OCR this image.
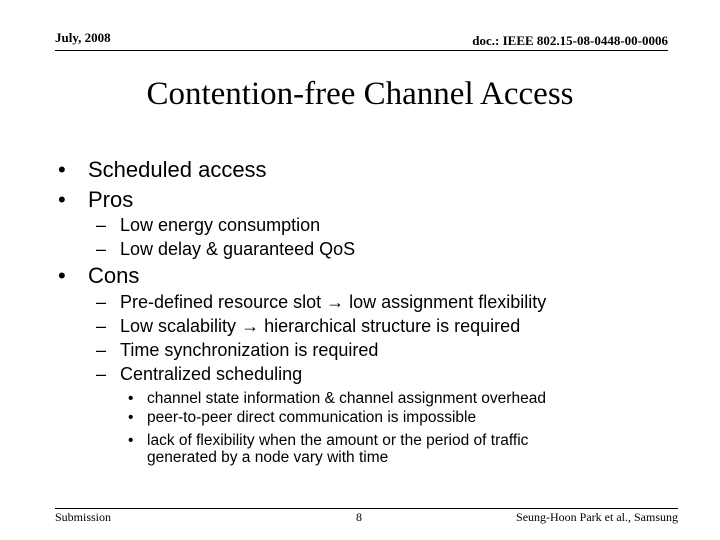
July, 2008	doc.: IEEE 802.15-08-0448-00-0006
Contention-free Channel Access
•	Scheduled access
•	Pros
– Low energy consumption
– Low delay & guaranteed QoS
•	Cons
– Pre-defined resource slot → low assignment flexibility
– Low scalability → hierarchical structure is required
– Time synchronization is required
– Centralized scheduling
• channel state information & channel assignment overhead
• peer-to-peer direct communication is impossible
• lack of flexibility when the amount or the period of traffic
generated by a node vary with time
Submission	8	Seung-Hoon Park et al., Samsung
